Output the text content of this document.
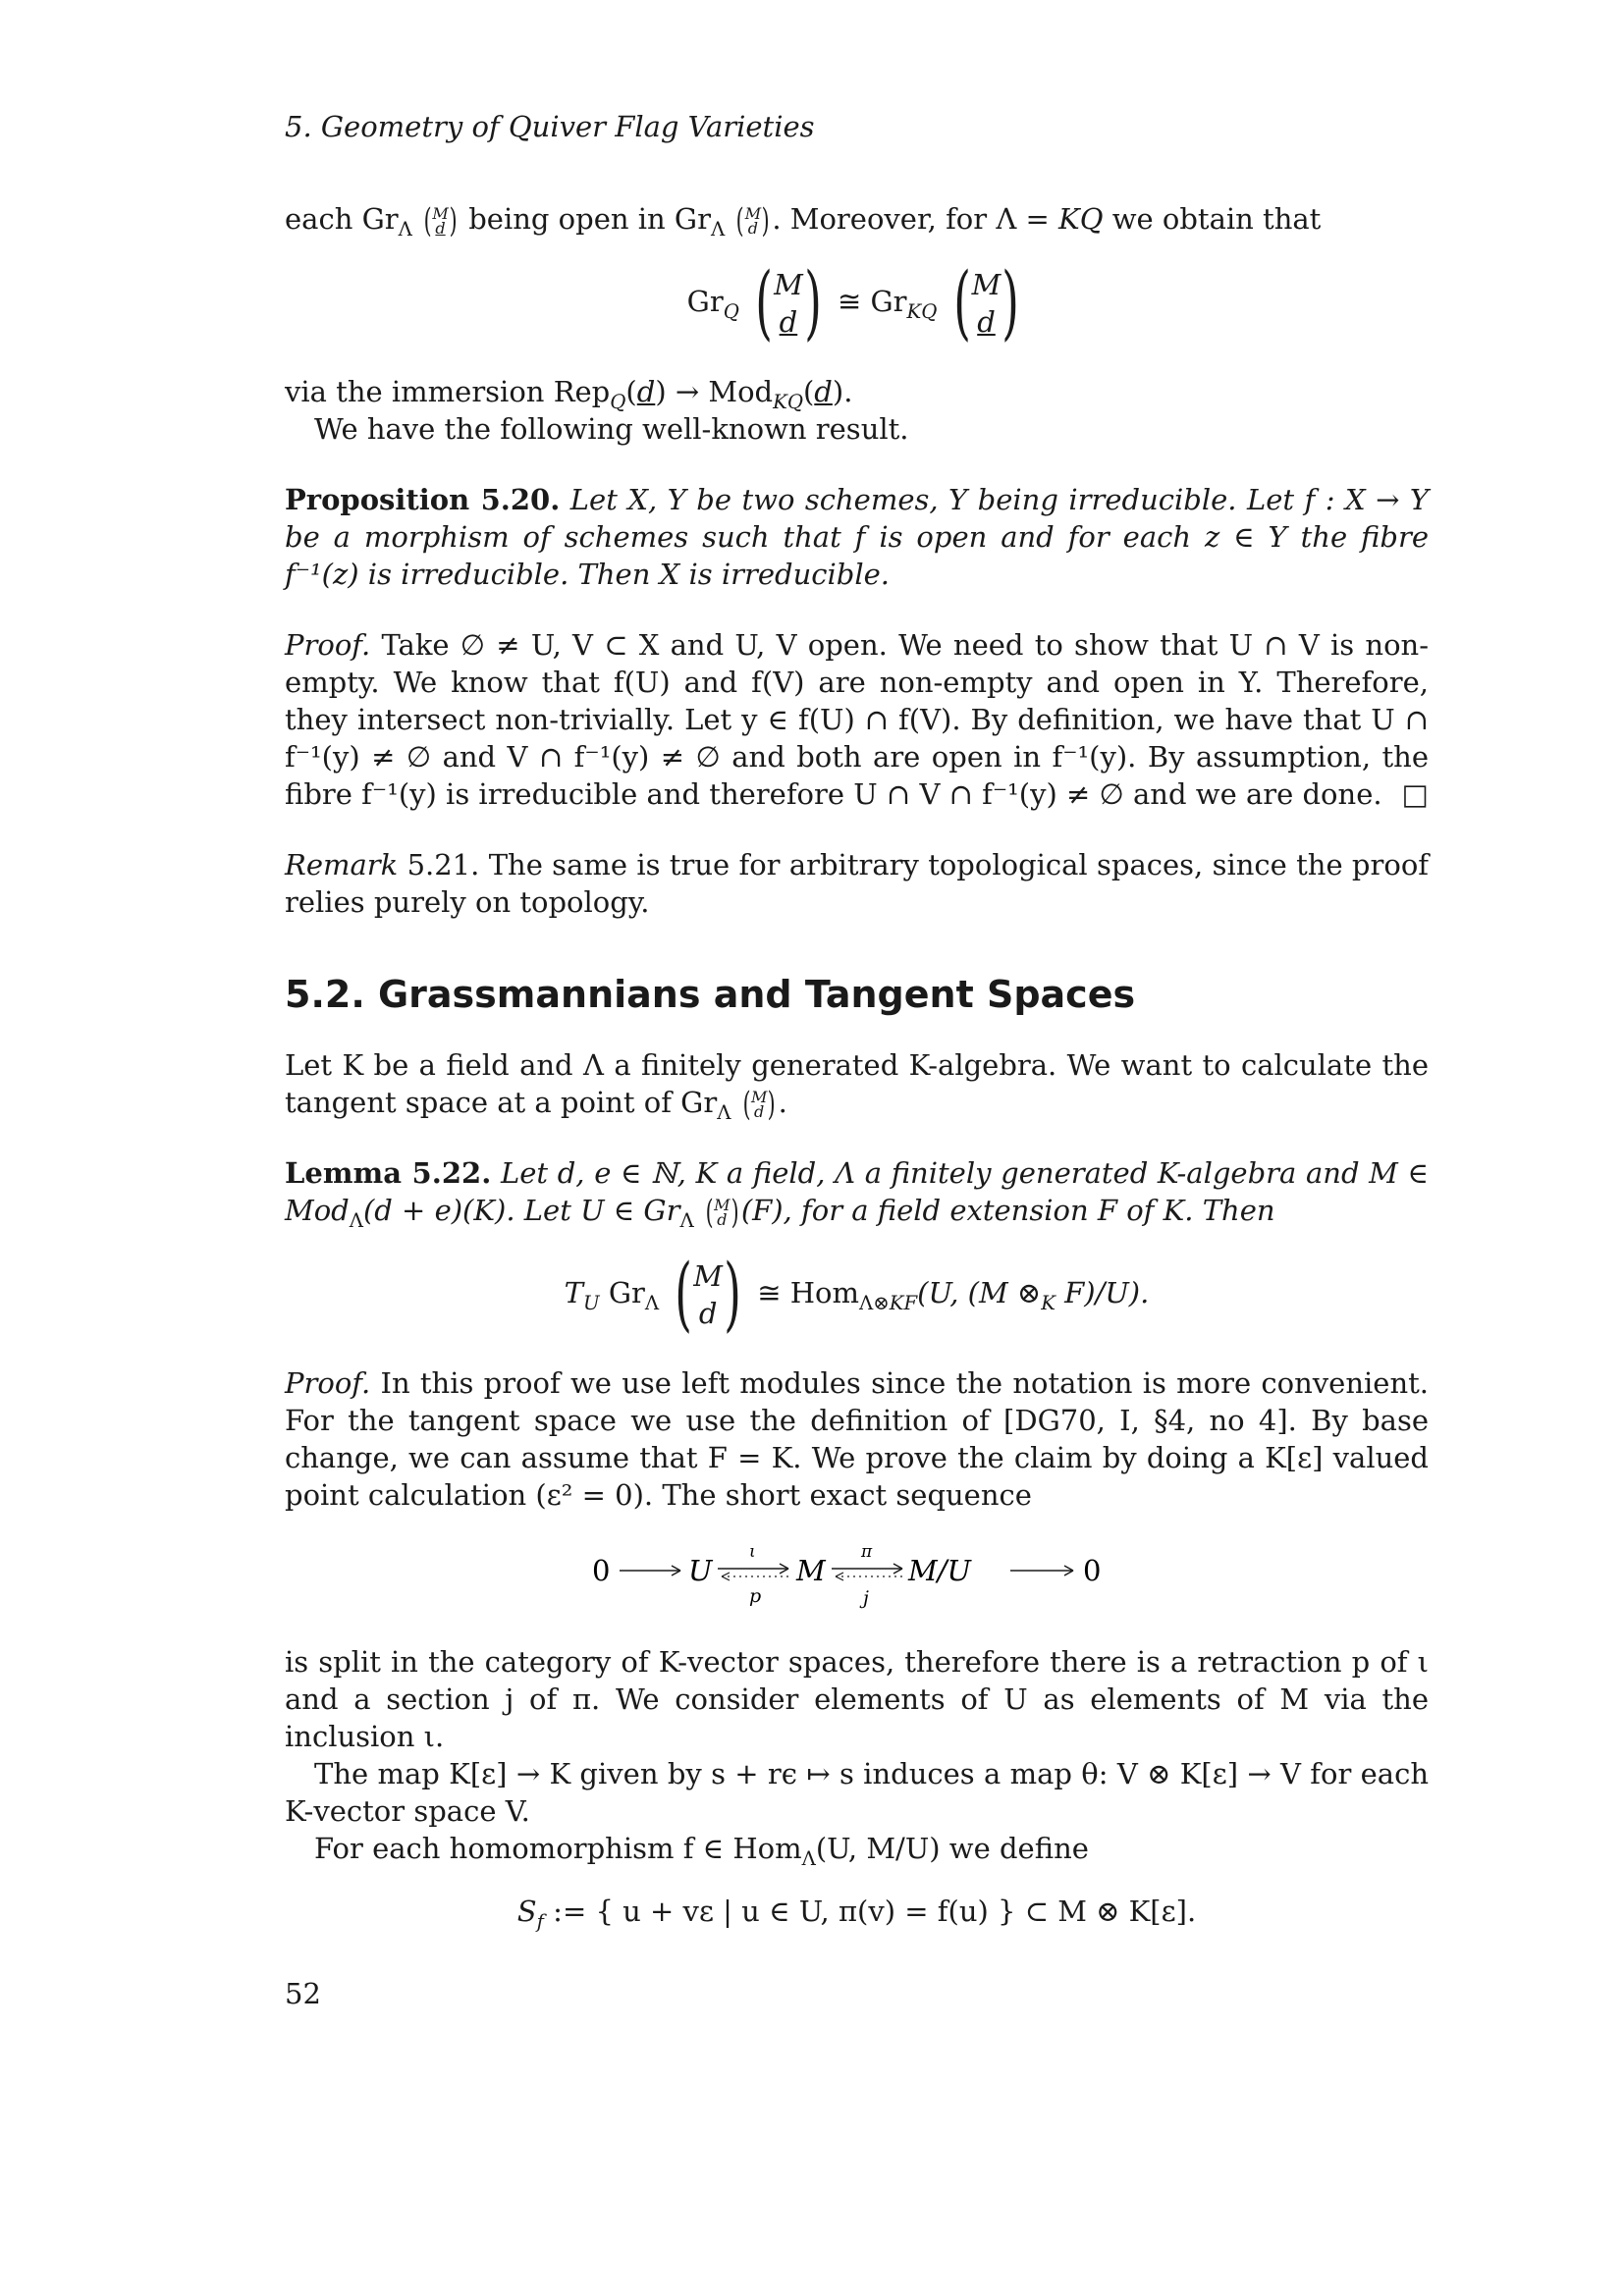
5. Geometry of Quiver Flag Varieties

each $Gr_\Lambda$ ( M
d ) being open in $Gr_\Lambda$ ( M
d ) . Moreover, for Λ = KQ we obtain that

$Gr_Q$ ( M
d ) ≅ $Gr_{KQ}$ ( M
d )

via the immersion Rep$_Q$(d) → Mod$_{KQ}$(d).

We have the following well-known result.

Proposition 5.20. Let X, Y be two schemes, Y being irreducible. Let f : X → Y be a morphism of schemes such that f is open and for each z ∈ Y the fibre f⁻¹(z) is irreducible. Then X is irreducible.

Proof. Take ∅ ≠ U, V ⊂ X and U, V open. We need to show that U ∩ V is non-empty. We know that f(U) and f(V) are non-empty and open in Y. Therefore, they intersect non-trivially. Let y ∈ f(U) ∩ f(V). By definition, we have that U ∩ f⁻¹(y) ≠ ∅ and V ∩ f⁻¹(y) ≠ ∅ and both are open in f⁻¹(y). By assumption, the fibre f⁻¹(y) is irreducible and therefore U ∩ V ∩ f⁻¹(y) ≠ ∅ and we are done. □

Remark 5.21. The same is true for arbitrary topological spaces, since the proof relies purely on topology.

5.2. Grassmannians and Tangent Spaces

Let K be a field and Λ a finitely generated K-algebra. We want to calculate the tangent space at a point of $Gr_\Lambda$ ( M
d ) .

Lemma 5.22. Let d, e ∈ ℕ, K a field, Λ a finitely generated K-algebra and M ∈ Mod$_\Lambda$(d + e)(K). Let U ∈ $Gr_\Lambda$ ( M
d ) (F), for a field extension F of K. Then

$T_U$ $Gr_\Lambda$ ( M
d ) ≅ Hom$_{\Lambda\otimes KF}$(U, (M $\otimes_K$ F)/U).

Proof. In this proof we use left modules since the notation is more convenient. For the tangent space we use the definition of [DG70, I, §4, no 4]. By base change, we can assume that F = K. We prove the claim by doing a K[ε] valued point calculation (ε² = 0). The short exact sequence

0	U
ι
p
M
π
j
M/U	0

is split in the category of K-vector spaces, therefore there is a retraction p of ι and a section j of π. We consider elements of U as elements of M via the inclusion ι.

The map K[ε] → K given by s + rϵ ↦ s induces a map θ: V ⊗ K[ε] → V for each K-vector space V.

For each homomorphism f ∈ Hom$_\Lambda$(U, M/U) we define

$S_f$ := { u + vε | u ∈ U, π(v) = f(u) } ⊂ M ⊗ K[ε].
52
